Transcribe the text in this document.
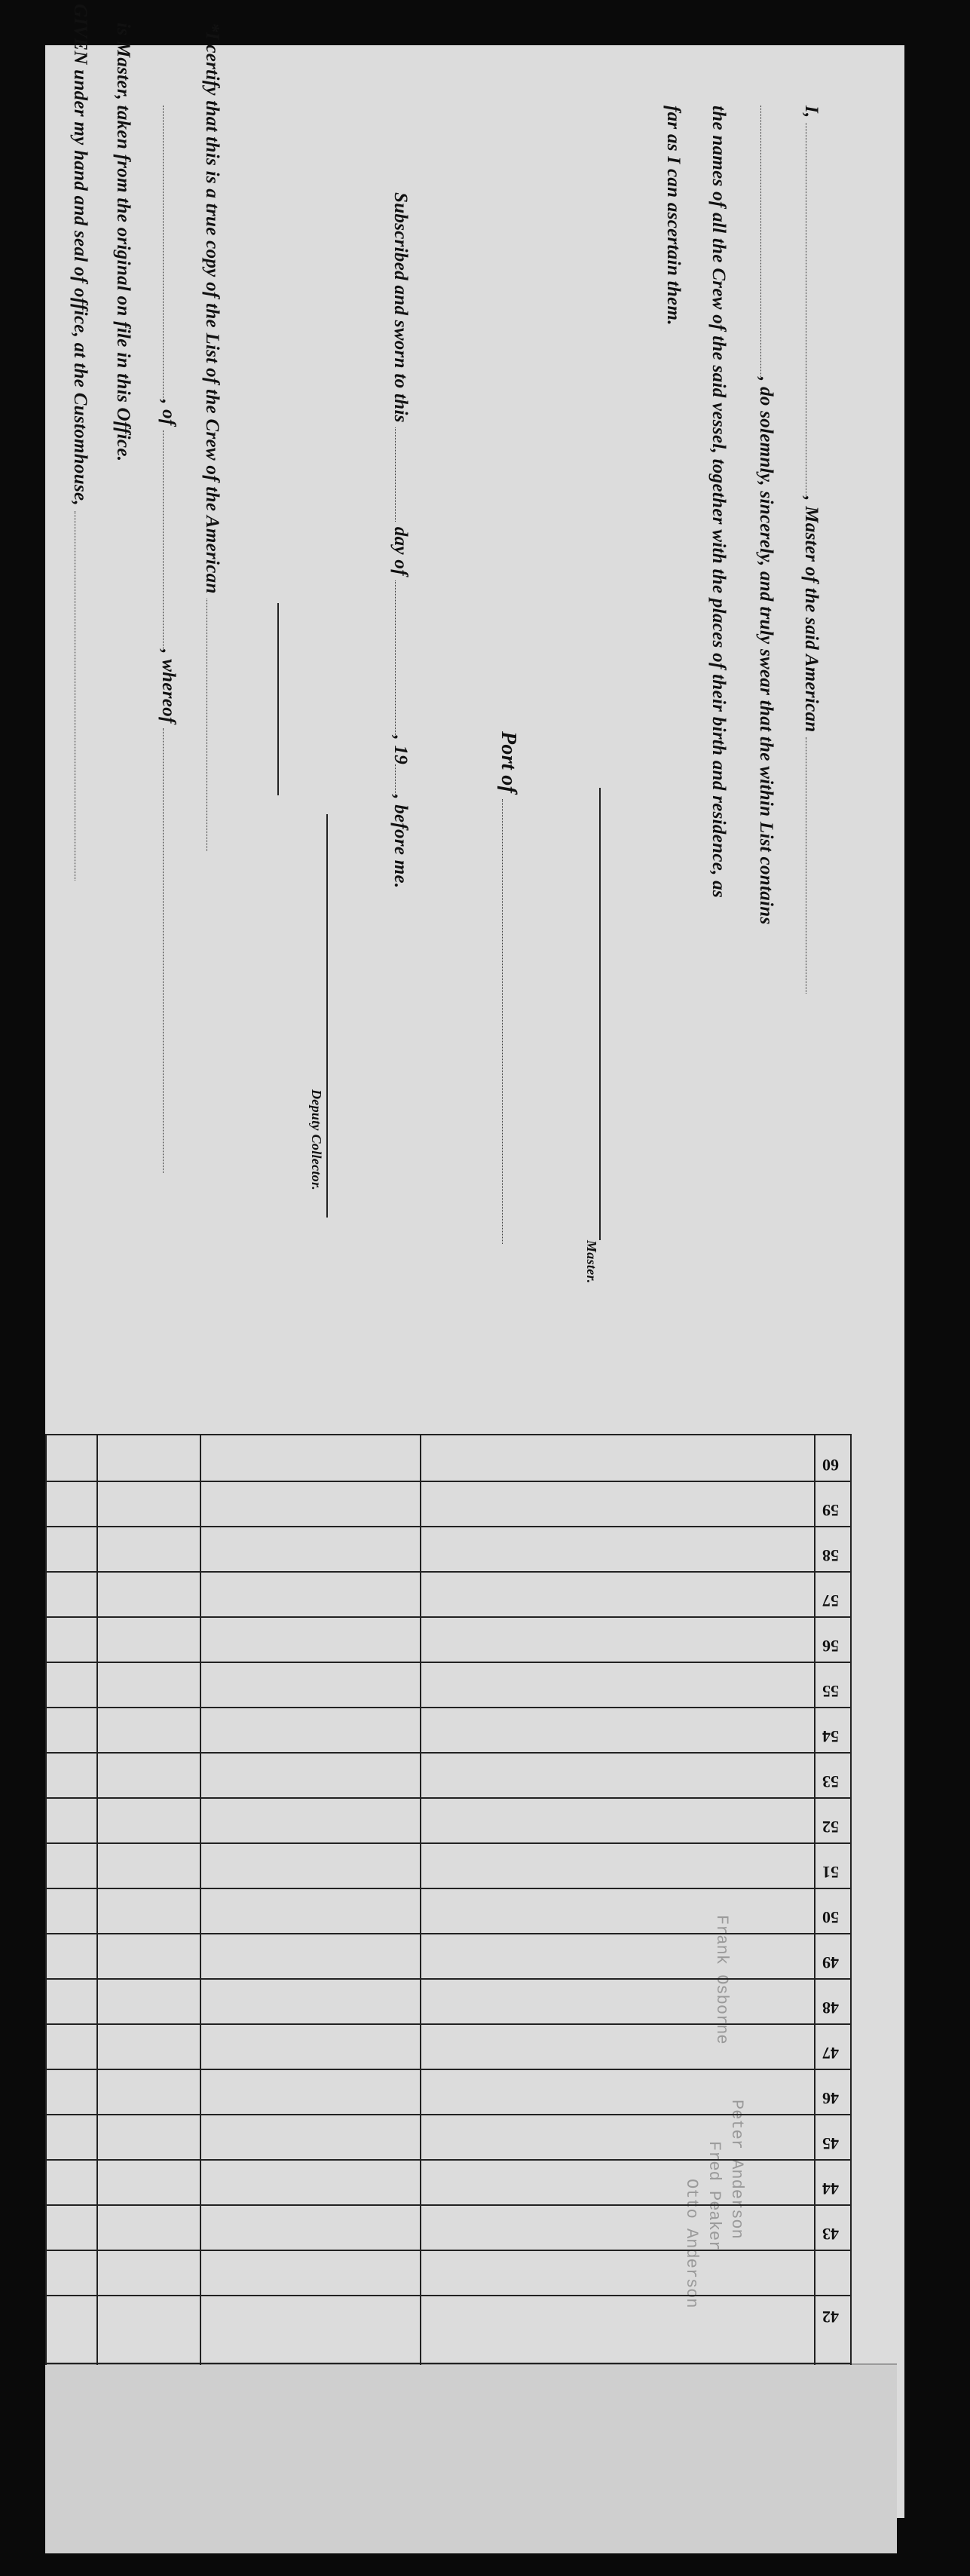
I, , Master of the said American
, do solemnly, sincerely, and truly swear that the within List contains
the names of all the Crew of the said vessel, together with the places of their birth and residence, as
far as I can ascertain them.
Master.
Port of
Subscribed and sworn to this  day of , 19, before me.
Deputy Collector.
*I certify that this is a true copy of the List of the Crew of the American
, of , whereof
is Master, taken from the original on file in this Office.
GIVEN under my hand and seal of office, at the Customhouse,
Frank Osborne
Peter Anderson
Fred Peaker
Otto Anderson
60
59
58
57
56
55
54
53
52
51
50
49
48
47
46
45
44
43
42
